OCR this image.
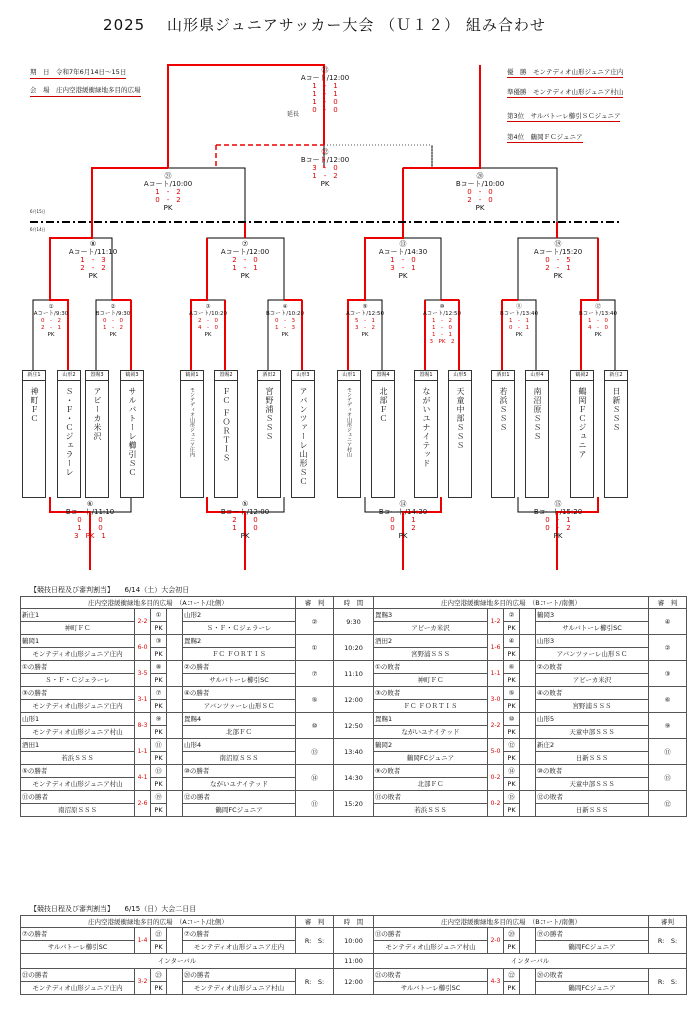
2025　 山形県ジュニアサッカー大会 （Ｕ１２） 組み合わせ
期　日　 令和7年6月14日～15日
会　場　 庄内空港緩衝緑地多目的広場
優　勝　 モンテディオ山形ジュニア庄内
準優勝　 モンテディオ山形ジュニア村山
第3位　 サルバトーレ櫛引ＳＣジュニア
第4位　 鶴岡ＦＣジュニア
6月15日
6月14日
㉓
Aコート/12:00
1　-　1
1　-　1
1　-　0
0　-　0
延長
㉒
Bコート/12:00
3　-　0
1　-　2
PK
㉑
Aコート/10:00
1　-　2
0　-　2
PK
⑳
Bコート/10:00
0　-　0
2　-　0
PK
⑧
Aコート/11:10
1　-　3
2　-　2
PK
⑦
Aコート/12:00
2　-　0
1　-　1
PK
⑬
Aコート/14:30
1　-　0
3　-　1
PK
⑲
Aコート/15:20
0　-　5
2　-　1
PK
①
Aコート/9:30
0　-　2
2　-　1
PK
②
Bコート/9:30
0　-　0
1　-　2
PK
③
Aコート/10:20
2　-　0
4　-　0
PK
④
Bコート/10:20
0　-　3
1　-　3
PK
⑨
Aコート/12:50
5　-　1
3　-　2
PK
⑩
Aコート/12:50
1　-　2
1　-　0
1　-　1
3　PK　2
⑪
Bコート/13:40
1　-　1
0　-　1
PK
⑫
Bコート/13:40
1　-　0
4　-　0
PK
新庄1
神町ＦＣ
山形2
Ｓ・Ｆ・Ｃジェラーレ
置賜3
アビーカ米沢
鶴岡3
サルバトーレ櫛引ＳＣ
鶴岡1
モンテディオ山形ジュニア庄内
置賜2
ＦＣ ＦＯＲＴＩＳ
酒田2
宮野浦ＳＳＳ
山形3
アバンツァーレ山形ＳＣ
山形1
モンテディオ山形ジュニア村山
置賜4
北部ＦＣ
置賜1
ながいユナイテッド
山形5
天童中部ＳＳＳ
酒田1
若浜ＳＳＳ
山形4
南沼原ＳＳＳ
鶴岡2
鶴岡ＦＣジュニア
新庄2
日新ＳＳＳ
⑥
Bコート/11:10
0　-　0
1　-　0
3　PK　1
⑤
Bコート/12:00
2　-　0
1　-　0
PK
⑭
Bコート/14:30
0　-　1
0　-　2
PK
⑮
Bコート/15:20
0　-　1
0　-　2
PK
【競技日程及び審判割当】　　6/14（土）大会初日
庄内空港緩衝緑地多目的広場　（Aコート/北側）					審　判	時　間	庄内空港緩衝緑地多目的広場　（Bコート/南側）					審　判
新庄1	2-2	①		山形2	②	9:30	置賜3	1-2	②		鶴岡3	④
神町ＦＣ		PK		Ｓ・Ｆ・Ｃジェラーレ			アビーカ米沢		PK		サルバトーレ櫛引SC	
鶴岡1	6-0	③		置賜2	①	10:20	酒田2	1-6	④		山形3	②
モンテディオ山形ジュニア庄内		PK		ＦＣ ＦＯＲＴＩＳ			宮野浦ＳＳＳ		PK		アバンツァーレ山形ＳＣ	
①の勝者	3-5	⑧		②の勝者	⑦	11:10	①の敗者	1-1	⑥		②の敗者	③
Ｓ・Ｆ・Ｃジェラーレ		PK		サルバトーレ櫛引SC			神町ＦＣ		PK		アビーカ米沢	
③の勝者	3-1	⑦		④の勝者	⑤	12:00	③の敗者	3-0	⑤		④の敗者	⑥
モンテディオ山形ジュニア庄内		PK		アバンツァーレ山形ＳＣ			ＦＣ ＦＯＲＴＩＳ		PK		宮野浦ＳＳＳ	
山形1	8-3	⑨		置賜4	⑩	12:50	置賜1	2-2	⑩		山形5	⑨
モンテディオ山形ジュニア村山		PK		北部ＦＣ			ながいユナイテッド		PK		天童中部ＳＳＳ	
酒田1	1-1	⑪		山形4	⑬	13:40	鶴岡2	5-0	⑫		新庄2	⑪
若浜ＳＳＳ		PK		南沼原ＳＳＳ			鶴岡FCジュニア		PK		日新ＳＳＳ	
⑤の勝者	4-1	⑬		⑩の勝者	⑭	14:30	⑨の敗者	0-2	⑭		⑩の敗者	⑬
モンテディオ山形ジュニア村山		PK		ながいユナイテッド			北部ＦＣ		PK		天童中部ＳＳＳ	
⑪の勝者	2-6	⑲		⑫の勝者	⑪	15:20	⑪の敗者	0-2	⑮		⑫の敗者	⑫
南沼原ＳＳＳ		PK		鶴岡FCジュニア			若浜ＳＳＳ		PK		日新ＳＳＳ	
【競技日程及び審判割当】　　6/15（日）大会二日目
庄内空港緩衝緑地多目的広場　（Aコート/北側）					審　判	時　間	庄内空港緩衝緑地多目的広場　（Bコート/南側）					審判
⑦の勝者	1-4	㉑		⑦の勝者	R:　S:	10:00	⑬の勝者	2-0	⑳		⑲の勝者	R:　S:
サルバトーレ櫛引SC		PK		モンテディオ山形ジュニア庄内			モンテディオ山形ジュニア村山		PK		鶴岡FCジュニア	
インターバル						11:00	インターバル					
㉑の勝者	3-2	㉓		⑳の勝者	R:　S:	12:00	㉑の敗者	4-3	㉒		⑳の敗者	R:　S:
モンテディオ山形ジュニア庄内		PK		モンテディオ山形ジュニア村山			サルバトーレ櫛引SC		PK		鶴岡FCジュニア	
